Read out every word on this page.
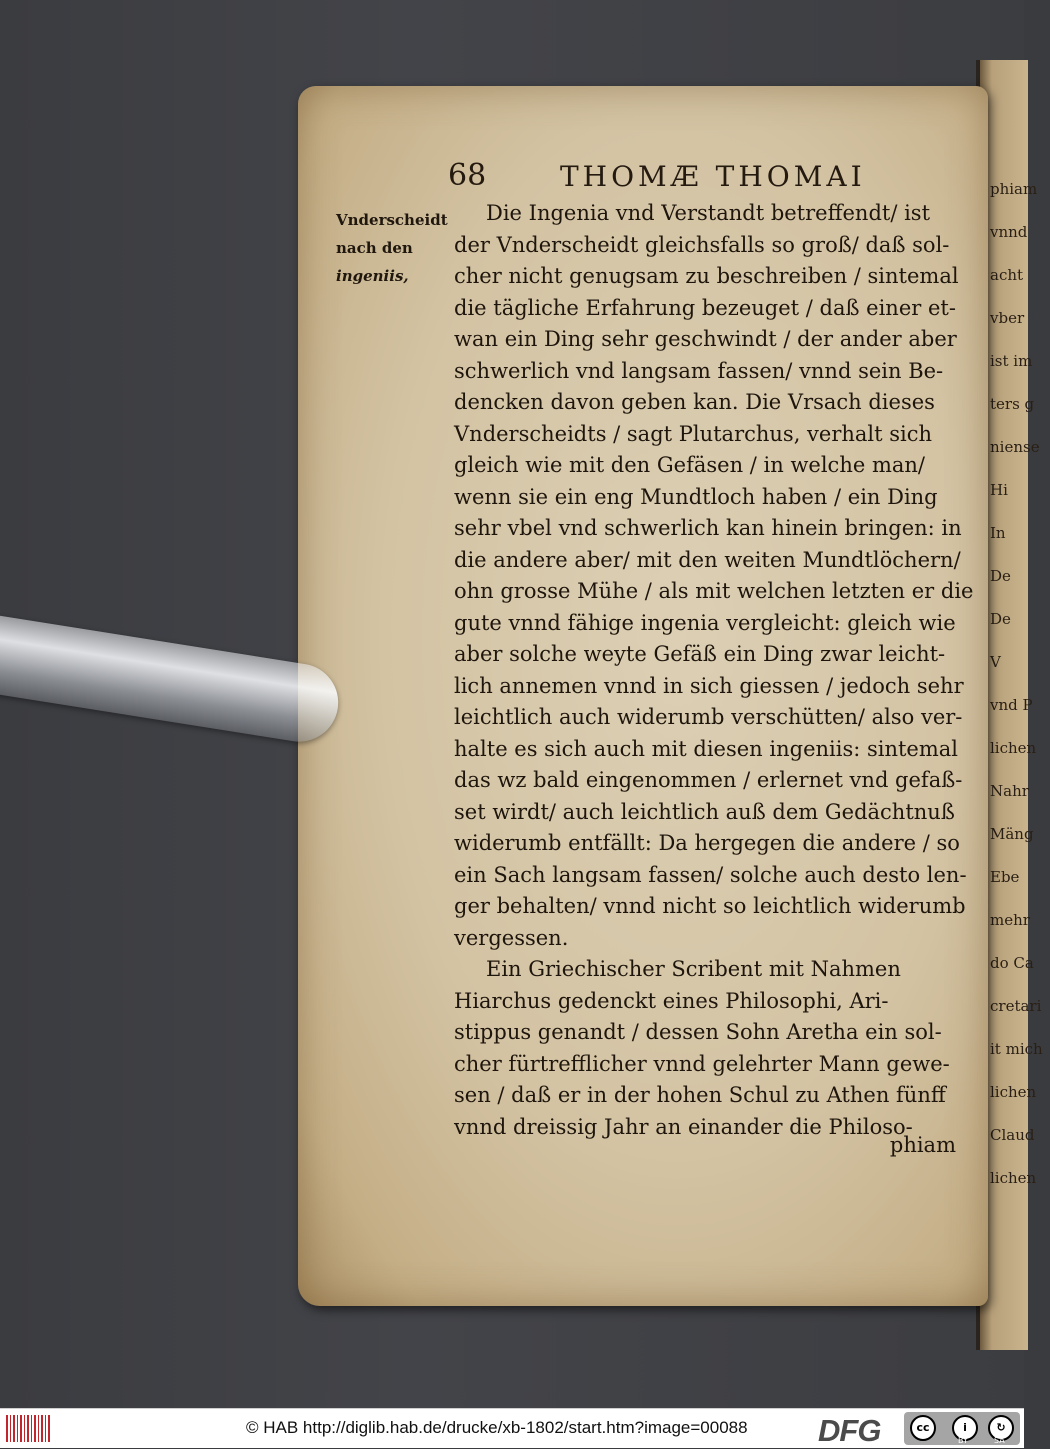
phiam
vnnd
acht
vber
ist im
ters g
niense
Hi
In
De
De
V
vnd P
lichen
Nahr
Mäng
Ebe
mehr
do Ca
cretari
it mich
lichen
Claud
lichen
68	THOMÆ THOMAI
Vnderscheidt
nach den
ingeniis,
Die Ingenia vnd Verstandt betreffendt/ ist
der Vnderscheidt gleichsfalls so groß/ daß sol-
cher nicht genugsam zu beschreiben / sintemal
die tägliche Erfahrung bezeuget / daß einer et-
wan ein Ding sehr geschwindt / der ander aber
schwerlich vnd langsam fassen/ vnnd sein Be-
dencken davon geben kan. Die Vrsach dieses
Vnderscheidts / sagt Plutarchus, verhalt sich
gleich wie mit den Gefäsen / in welche man/
wenn sie ein eng Mundtloch haben / ein Ding
sehr vbel vnd schwerlich kan hinein bringen: in
die andere aber/ mit den weiten Mundtlöchern/
ohn grosse Mühe / als mit welchen letzten er die
gute vnnd fähige ingenia vergleicht: gleich wie
aber solche weyte Gefäß ein Ding zwar leicht-
lich annemen vnnd in sich giessen / jedoch sehr
leichtlich auch widerumb verschütten/ also ver-
halte es sich auch mit diesen ingeniis: sintemal
das wz bald eingenommen / erlernet vnd gefaß-
set wirdt/ auch leichtlich auß dem Gedächtnuß
widerumb entfällt: Da hergegen die andere / so
ein Sach langsam fassen/ solche auch desto len-
ger behalten/ vnnd nicht so leichtlich widerumb
vergessen.
Ein Griechischer Scribent mit Nahmen
Hiarchus gedenckt eines Philosophi, Ari-
stippus genandt / dessen Sohn Aretha ein sol-
cher fürtrefflicher vnnd gelehrter Mann gewe-
sen / daß er in der hohen Schul zu Athen fünff
vnnd dreissig Jahr an einander die Philoso-
phiam
© HAB http://diglib.hab.de/drucke/xb-1802/start.htm?image=00088 DFG	cc	i	↻
BY	SA
